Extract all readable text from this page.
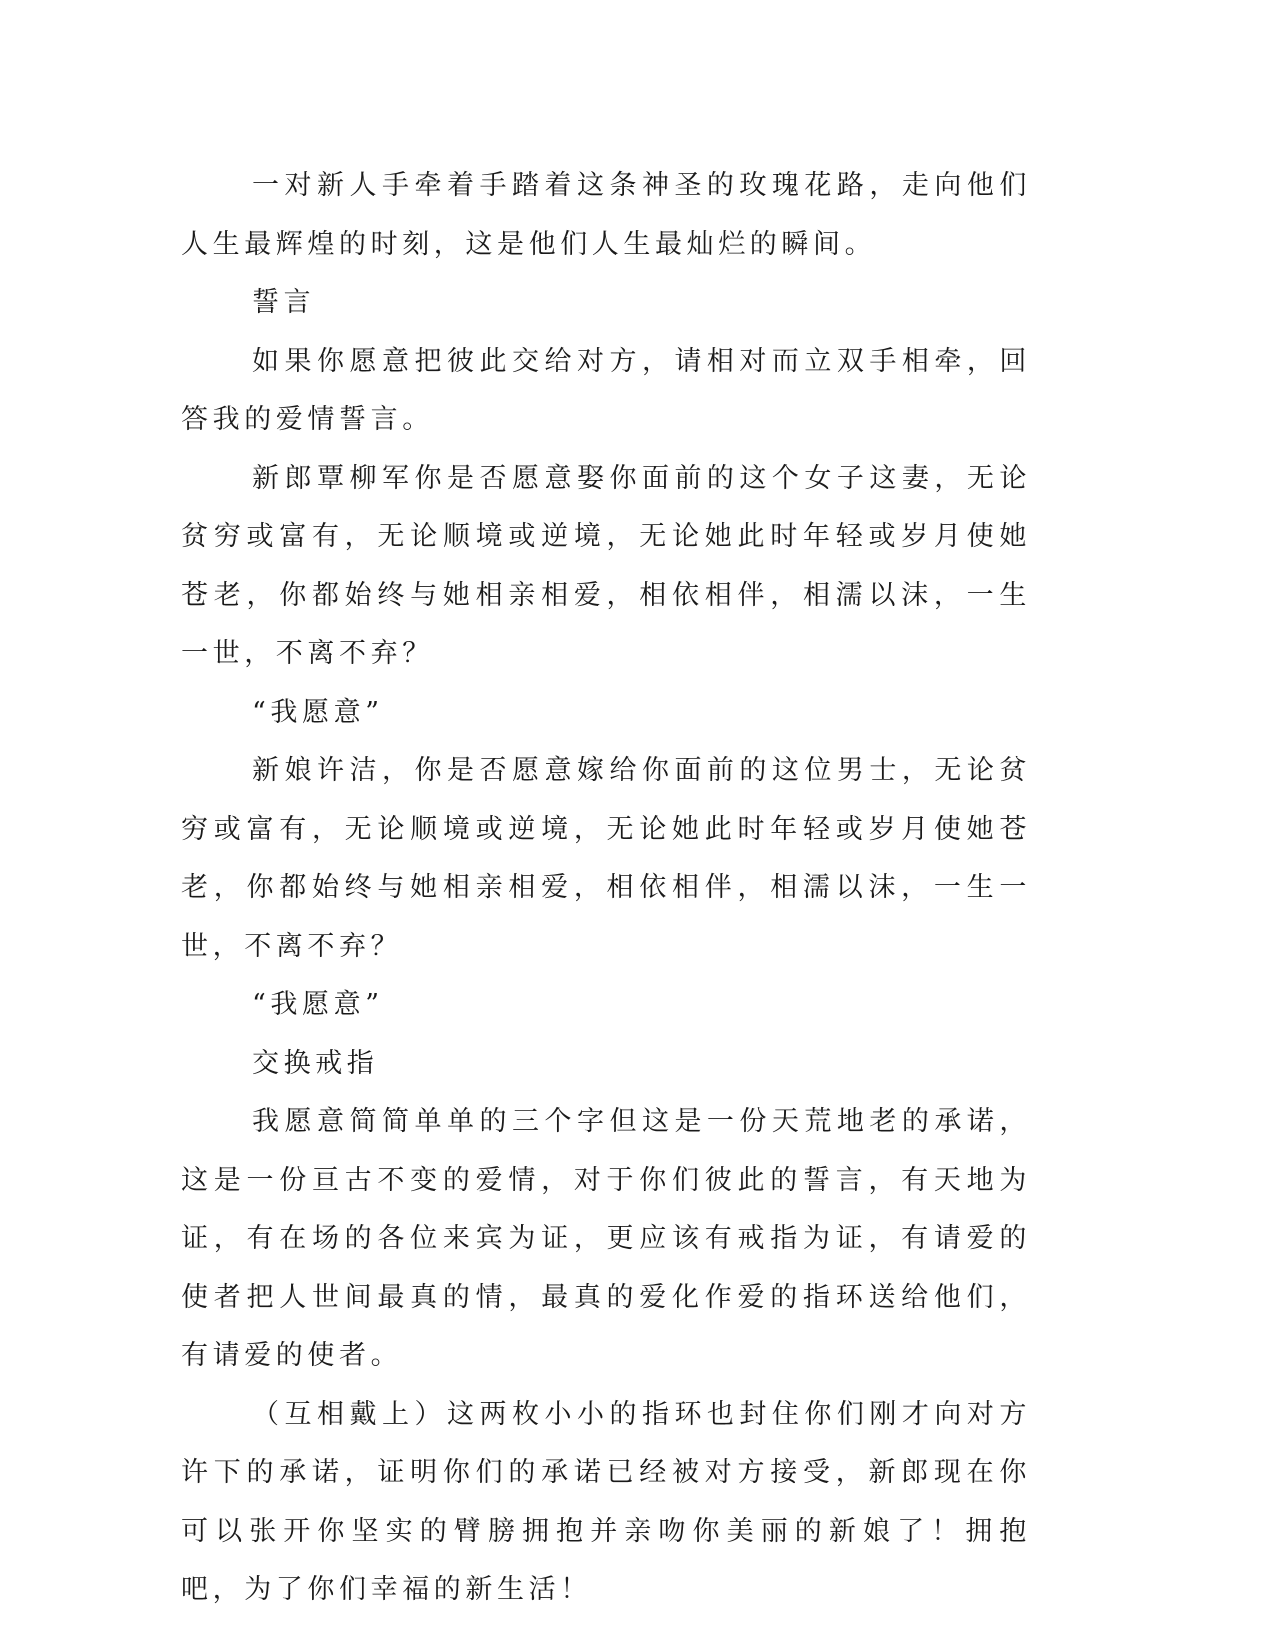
一对新人手牵着手踏着这条神圣的玫瑰花路，走向他们人生最辉煌的时刻，这是他们人生最灿烂的瞬间。

誓言

如果你愿意把彼此交给对方，请相对而立双手相牵，回答我的爱情誓言。

新郎覃柳军你是否愿意娶你面前的这个女子这妻，无论贫穷或富有，无论顺境或逆境，无论她此时年轻或岁月使她苍老，你都始终与她相亲相爱，相依相伴，相濡以沫，一生一世，不离不弃？

“我愿意”

新娘许洁，你是否愿意嫁给你面前的这位男士，无论贫穷或富有，无论顺境或逆境，无论她此时年轻或岁月使她苍老，你都始终与她相亲相爱，相依相伴，相濡以沫，一生一世，不离不弃？

“我愿意”

交换戒指

我愿意简简单单的三个字但这是一份天荒地老的承诺，这是一份亘古不变的爱情，对于你们彼此的誓言，有天地为证，有在场的各位来宾为证，更应该有戒指为证，有请爱的使者把人世间最真的情，最真的爱化作爱的指环送给他们，有请爱的使者。

（互相戴上）这两枚小小的指环也封住你们刚才向对方许下的承诺，证明你们的承诺已经被对方接受，新郎现在你可以张开你坚实的臂膀拥抱并亲吻你美丽的新娘了！拥抱吧，为了你们幸福的新生活！
